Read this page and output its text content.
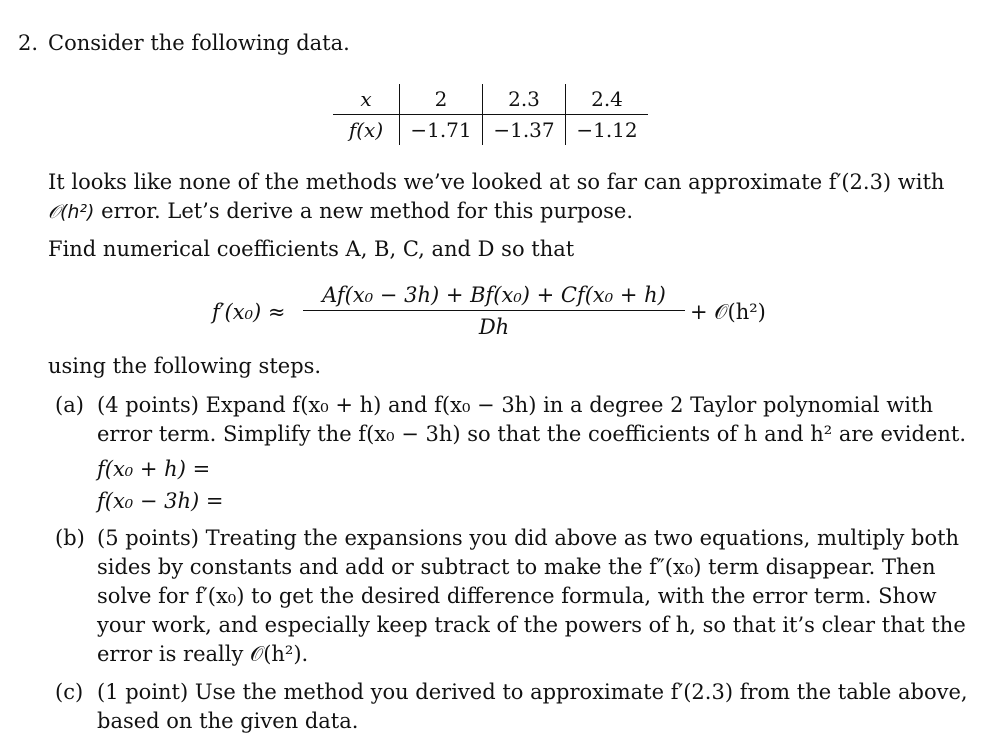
2. Consider the following data.
x	2	2.3	2.4
f(x)	−1.71	−1.37	−1.12
It looks like none of the methods we’ve looked at so far can approximate f′(2.3) with
𝒪(h²) error. Let’s derive a new method for this purpose.
Find numerical coefficients A, B, C, and D so that
$f'(x_0) \approx \frac{\text{Af(x₀ − 3h) + Bf(x₀) + Cf(x₀ + h)}}{Dh}$ + 𝒪(h²)
using the following steps.
(a) (4 points) Expand f(x₀ + h) and f(x₀ − 3h) in a degree 2 Taylor polynomial with
error term. Simplify the f(x₀ − 3h) so that the coefficients of h and h² are evident.
f(x₀ + h) =
f(x₀ − 3h) =
(b) (5 points) Treating the expansions you did above as two equations, multiply both
sides by constants and add or subtract to make the f″(x₀) term disappear. Then
solve for f′(x₀) to get the desired difference formula, with the error term. Show
your work, and especially keep track of the powers of h, so that it’s clear that the
error is really 𝒪(h²).
(c) (1 point) Use the method you derived to approximate f′(2.3) from the table above,
based on the given data.
